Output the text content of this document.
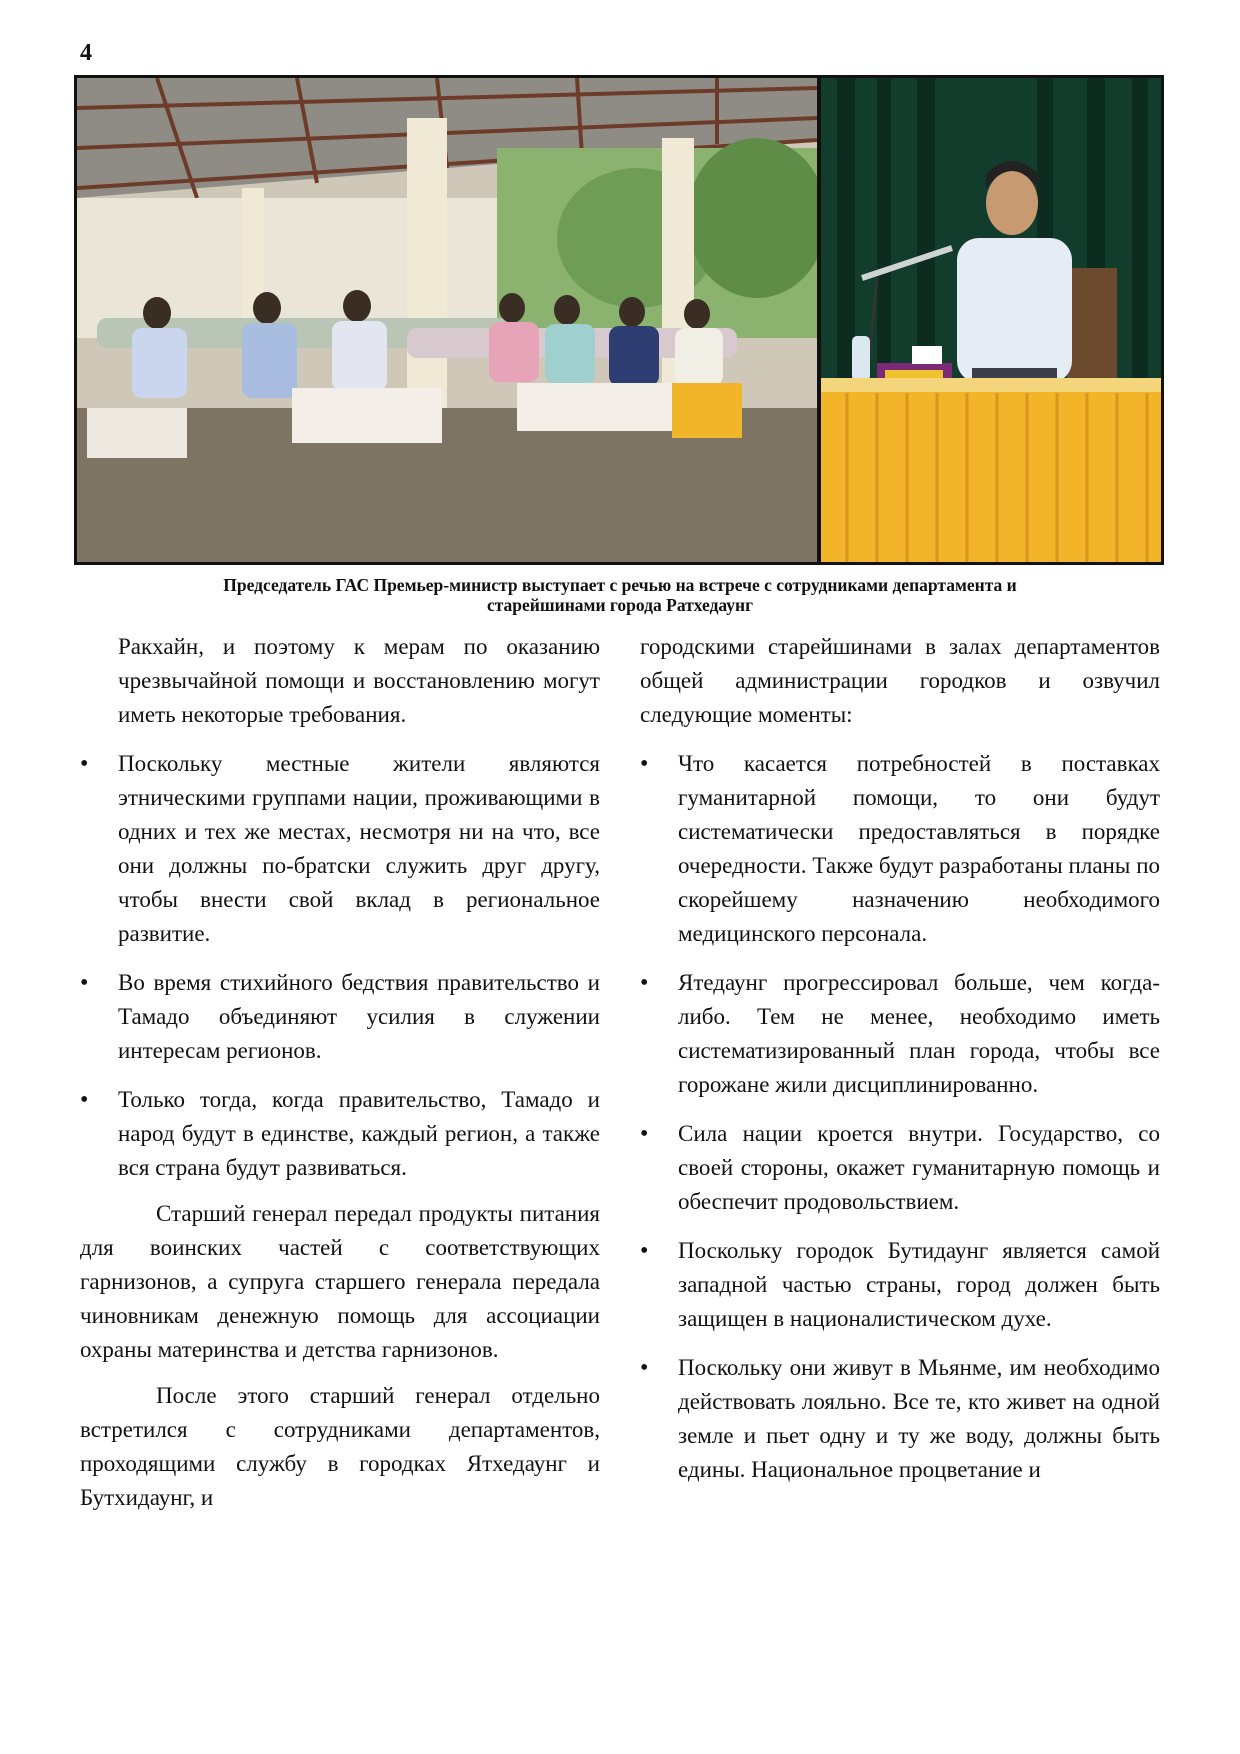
4
Председатель ГАС Премьер-министр выступает с речью на встрече с сотрудниками департамента и
старейшинами города Ратхедаунг

Ракхайн, и поэтому к мерам по оказанию чрезвычайной помощи и восстановлению могут иметь некоторые требования.

• Поскольку местные жители являются этническими группами нации, проживающими в одних и тех же местах, несмотря ни на что, все они должны по-братски служить друг другу, чтобы внести свой вклад в региональное развитие.
• Во время стихийного бедствия правительство и Тамадо объединяют усилия в служении интересам регионов.
• Только тогда, когда правительство, Тамадо и народ будут в единстве, каждый регион, а также вся страна будут развиваться.

Старший генерал передал продукты питания для воинских частей с соответствующих гарнизонов, а супруга старшего генерала передала чиновникам денежную помощь для ассоциации охраны материнства и детства гарнизонов.

После этого старший генерал отдельно встретился с сотрудниками департаментов, проходящими службу в городках Ятхедаунг и Бутхидаунг, и

городскими старейшинами в залах департаментов общей администрации городков и озвучил следующие моменты:

• Что касается потребностей в поставках гуманитарной помощи, то они будут систематически предоставляться в порядке очередности. Также будут разработаны планы по скорейшему назначению необходимого медицинского персонала.
• Ятедаунг прогрессировал больше, чем когда-либо. Тем не менее, необходимо иметь систематизированный план города, чтобы все горожане жили дисциплинированно.
• Сила нации кроется внутри. Государство, со своей стороны, окажет гуманитарную помощь и обеспечит продовольствием.
• Поскольку городок Бутидаунг является самой западной частью страны, город должен быть защищен в националистическом духе.
• Поскольку они живут в Мьянме, им необходимо действовать лояльно. Все те, кто живет на одной земле и пьет одну и ту же воду, должны быть едины. Национальное процветание и
